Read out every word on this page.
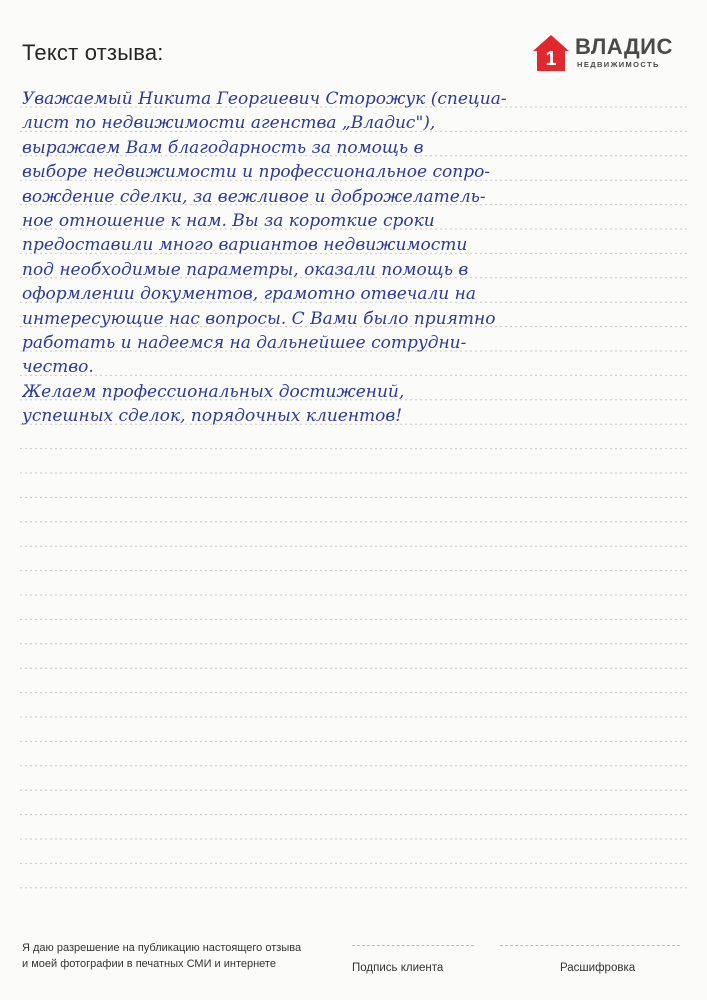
Текст отзыва:	1 ВЛАДИС
НЕДВИЖИМОСТЬ
Уважаемый Никита Георгиевич Сторожук (специа-
лист по недвижимости агенства „Владис"),
выражаем Вам благодарность за помощь в
выборе недвижимости и профессиональное сопро-
вождение сделки, за вежливое и доброжелатель-
ное отношение к нам. Вы за короткие сроки
предоставили много вариантов недвижимости
под необходимые параметры, оказали помощь в
оформлении документов, грамотно отвечали на
интересующие нас вопросы. С Вами было приятно
работать и надеемся на дальнейшее сотрудни-
чество.
Желаем профессиональных достижений,
успешных сделок, порядочных клиентов!
Я даю разрешение на публикацию настоящего отзыва
и моей фотографии в печатных СМИ и интернете	Подпись клиента	Расшифровка
